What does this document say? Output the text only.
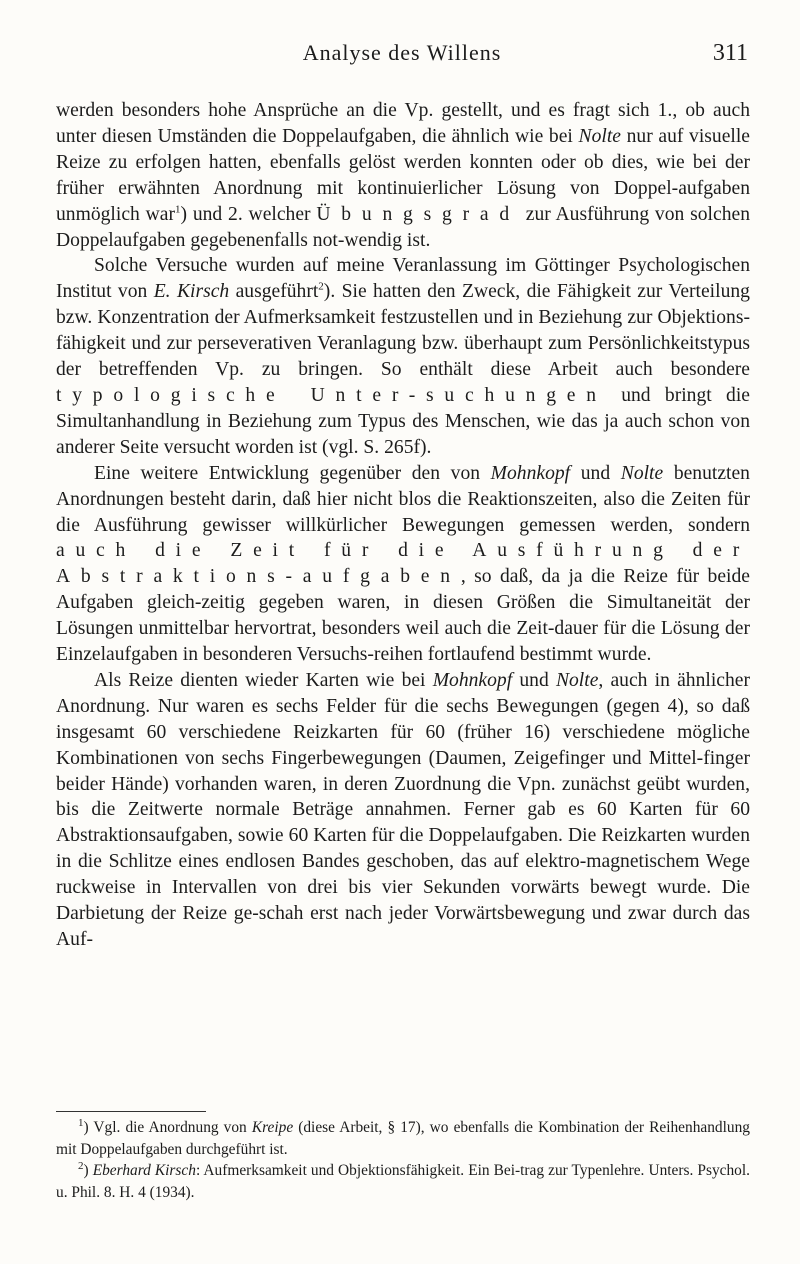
Analyse des Willens	311

werden besonders hohe Ansprüche an die Vp. gestellt, und es fragt sich 1., ob auch unter diesen Umständen die Doppelaufgaben, die ähnlich wie bei Nolte nur auf visuelle Reize zu erfolgen hatten, ebenfalls gelöst werden konnten oder ob dies, wie bei der früher erwähnten Anordnung mit kontinuierlicher Lösung von Doppel-aufgaben unmöglich war$^1$) und 2. welcher Übungsgrad zur Ausführung von solchen Doppelaufgaben gegebenenfalls not-wendig ist.

Solche Versuche wurden auf meine Veranlassung im Göttinger Psychologischen Institut von E. Kirsch ausgeführt$^2$). Sie hatten den Zweck, die Fähigkeit zur Verteilung bzw. Konzentration der Aufmerksamkeit festzustellen und in Beziehung zur Objektions-fähigkeit und zur perseverativen Veranlagung bzw. überhaupt zum Persönlichkeitstypus der betreffenden Vp. zu bringen. So enthält diese Arbeit auch besondere typologische Unter-suchungen und bringt die Simultanhandlung in Beziehung zum Typus des Menschen, wie das ja auch schon von anderer Seite versucht worden ist (vgl. S. 265f).

Eine weitere Entwicklung gegenüber den von Mohnkopf und Nolte benutzten Anordnungen besteht darin, daß hier nicht blos die Reaktionszeiten, also die Zeiten für die Ausführung gewisser willkürlicher Bewegungen gemessen werden, sondern auch die Zeit für die Ausführung der Abstraktions-aufgaben, so daß, da ja die Reize für beide Aufgaben gleich-zeitig gegeben waren, in diesen Größen die Simultaneität der Lösungen unmittelbar hervortrat, besonders weil auch die Zeit-dauer für die Lösung der Einzelaufgaben in besonderen Versuchs-reihen fortlaufend bestimmt wurde.

Als Reize dienten wieder Karten wie bei Mohnkopf und Nolte, auch in ähnlicher Anordnung. Nur waren es sechs Felder für die sechs Bewegungen (gegen 4), so daß insgesamt 60 verschiedene Reizkarten für 60 (früher 16) verschiedene mögliche Kombinationen von sechs Fingerbewegungen (Daumen, Zeigefinger und Mittel-finger beider Hände) vorhanden waren, in deren Zuordnung die Vpn. zunächst geübt wurden, bis die Zeitwerte normale Beträge annahmen. Ferner gab es 60 Karten für 60 Abstraktionsaufgaben, sowie 60 Karten für die Doppelaufgaben. Die Reizkarten wurden in die Schlitze eines endlosen Bandes geschoben, das auf elektro-magnetischem Wege ruckweise in Intervallen von drei bis vier Sekunden vorwärts bewegt wurde. Die Darbietung der Reize ge-schah erst nach jeder Vorwärtsbewegung und zwar durch das Auf-

$^1$) Vgl. die Anordnung von Kreipe (diese Arbeit, § 17), wo ebenfalls die Kombination der Reihenhandlung mit Doppelaufgaben durchgeführt ist.

$^2$) Eberhard Kirsch: Aufmerksamkeit und Objektionsfähigkeit. Ein Bei-trag zur Typenlehre. Unters. Psychol. u. Phil. 8. H. 4 (1934).
